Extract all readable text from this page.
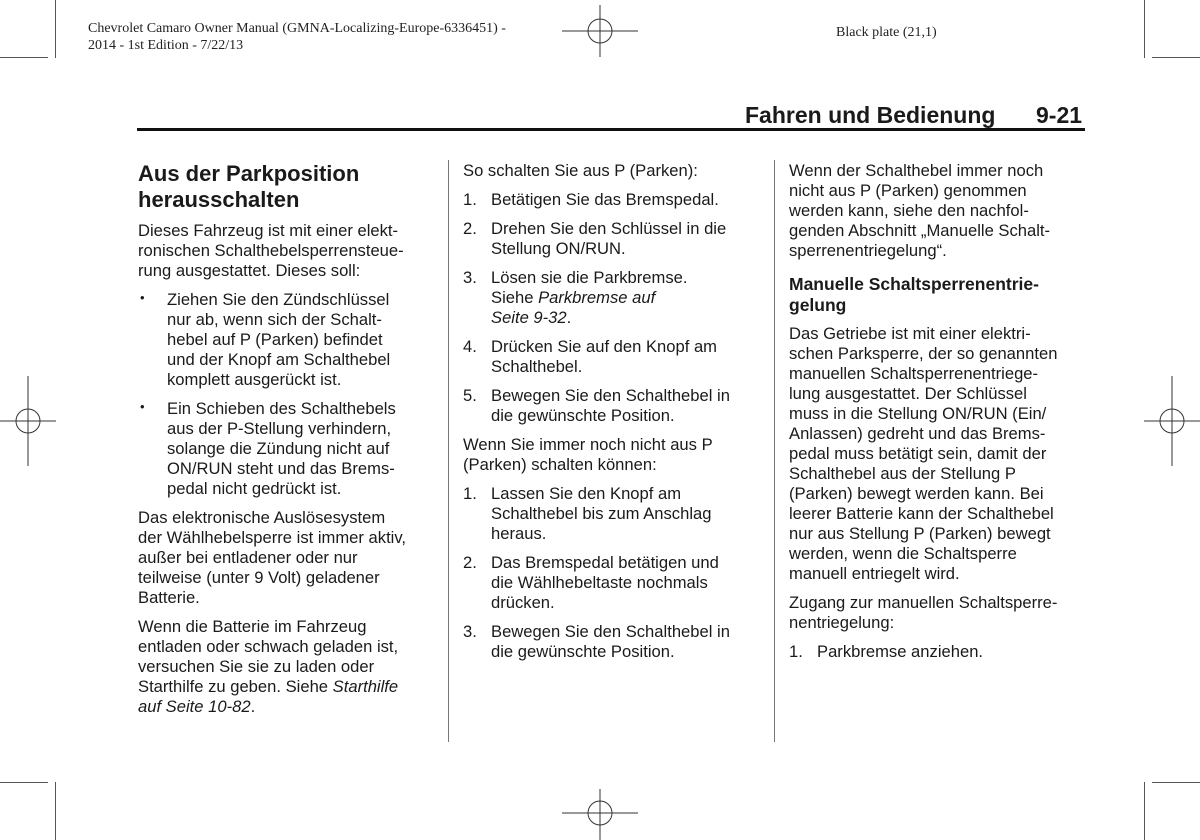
Chevrolet Camaro Owner Manual (GMNA-Localizing-Europe-6336451) -
2014 - 1st Edition - 7/22/13
Black plate (21,1)
Fahren und Bedienung 9-21
Aus der Parkposition
herausschalten

Dieses Fahrzeug ist mit einer elekt-
ronischen Schalthebelsperrensteue-
rung ausgestattet. Dieses soll:

• Ziehen Sie den Zündschlüssel
nur ab, wenn sich der Schalt-
hebel auf P (Parken) befindet
und der Knopf am Schalthebel
komplett ausgerückt ist.
• Ein Schieben des Schalthebels
aus der P-Stellung verhindern,
solange die Zündung nicht auf
ON/RUN steht und das Brems-
pedal nicht gedrückt ist.

Das elektronische Auslösesystem
der Wählhebelsperre ist immer aktiv,
außer bei entladener oder nur
teilweise (unter 9 Volt) geladener
Batterie.

Wenn die Batterie im Fahrzeug
entladen oder schwach geladen ist,
versuchen Sie sie zu laden oder
Starthilfe zu geben. Siehe Starthilfe
auf Seite 10-82.

So schalten Sie aus P (Parken):

1. Betätigen Sie das Bremspedal.
2. Drehen Sie den Schlüssel in die
Stellung ON/RUN.
3. Lösen sie die Parkbremse.
Siehe Parkbremse auf
Seite 9-32.
4. Drücken Sie auf den Knopf am
Schalthebel.
5. Bewegen Sie den Schalthebel in
die gewünschte Position.

Wenn Sie immer noch nicht aus P
(Parken) schalten können:

1. Lassen Sie den Knopf am
Schalthebel bis zum Anschlag
heraus.
2. Das Bremspedal betätigen und
die Wählhebeltaste nochmals
drücken.
3. Bewegen Sie den Schalthebel in
die gewünschte Position.

Wenn der Schalthebel immer noch
nicht aus P (Parken) genommen
werden kann, siehe den nachfol-
genden Abschnitt „Manuelle Schalt-
sperrenentriegelung“.

Manuelle Schaltsperrenentrie-
gelung

Das Getriebe ist mit einer elektri-
schen Parksperre, der so genannten
manuellen Schaltsperrenentriege-
lung ausgestattet. Der Schlüssel
muss in die Stellung ON/RUN (Ein/
Anlassen) gedreht und das Brems-
pedal muss betätigt sein, damit der
Schalthebel aus der Stellung P
(Parken) bewegt werden kann. Bei
leerer Batterie kann der Schalthebel
nur aus Stellung P (Parken) bewegt
werden, wenn die Schaltsperre
manuell entriegelt wird.

Zugang zur manuellen Schaltsperre-
nentriegelung:

1. Parkbremse anziehen.
